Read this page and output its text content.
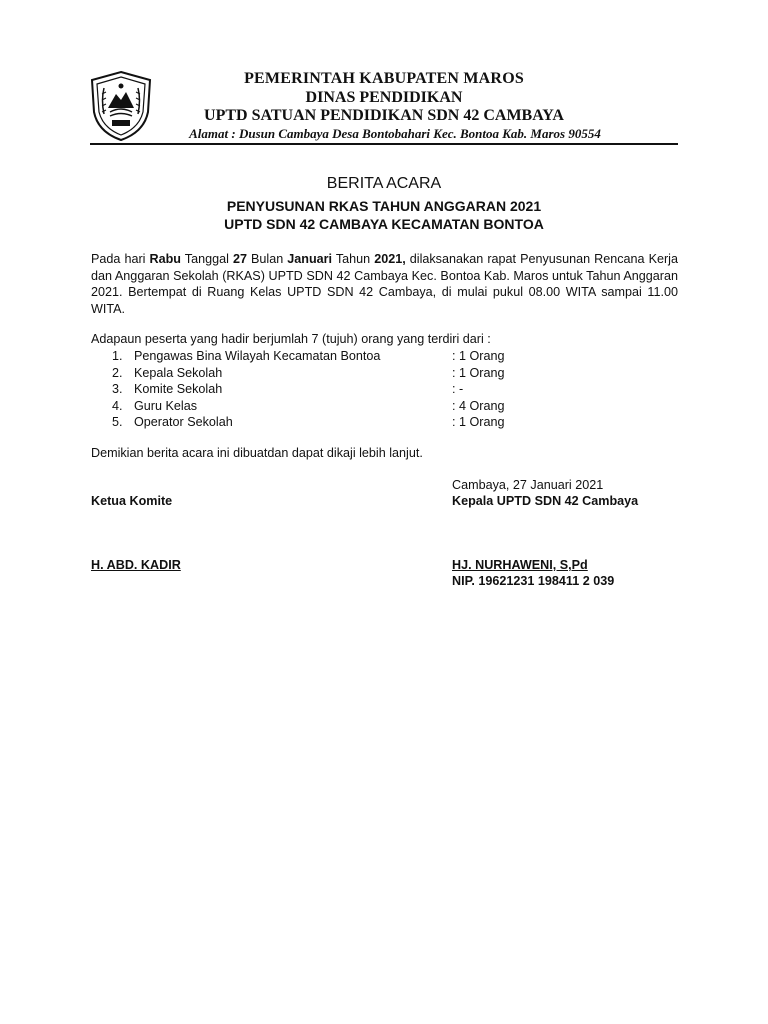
PEMERINTAH KABUPATEN MAROS
DINAS PENDIDIKAN
UPTD SATUAN PENDIDIKAN SDN 42 CAMBAYA
Alamat : Dusun Cambaya Desa Bontobahari Kec. Bontoa Kab. Maros 90554
BERITA ACARA
PENYUSUNAN RKAS TAHUN ANGGARAN 2021
UPTD SDN 42 CAMBAYA KECAMATAN BONTOA
Pada hari Rabu Tanggal 27 Bulan Januari Tahun 2021, dilaksanakan rapat Penyusunan Rencana Kerja dan Anggaran Sekolah (RKAS) UPTD SDN 42 Cambaya Kec. Bontoa Kab. Maros untuk Tahun Anggaran 2021. Bertempat di Ruang Kelas UPTD SDN 42 Cambaya, di mulai pukul 08.00 WITA sampai 11.00 WITA.
Adapaun peserta yang hadir berjumlah 7 (tujuh) orang yang terdiri dari :
1. Pengawas Bina Wilayah Kecamatan Bontoa	: 1 Orang
2. Kepala Sekolah	: 1 Orang
3. Komite Sekolah	: -
4. Guru Kelas	: 4 Orang
5. Operator Sekolah	: 1 Orang
Demikian berita acara ini dibuatdan dapat dikaji lebih lanjut.
Cambaya, 27 Januari 2021
Ketua Komite	Kepala UPTD SDN 42 Cambaya
H. ABD. KADIR	HJ. NURHAWENI, S,Pd
NIP. 19621231 198411 2 039
